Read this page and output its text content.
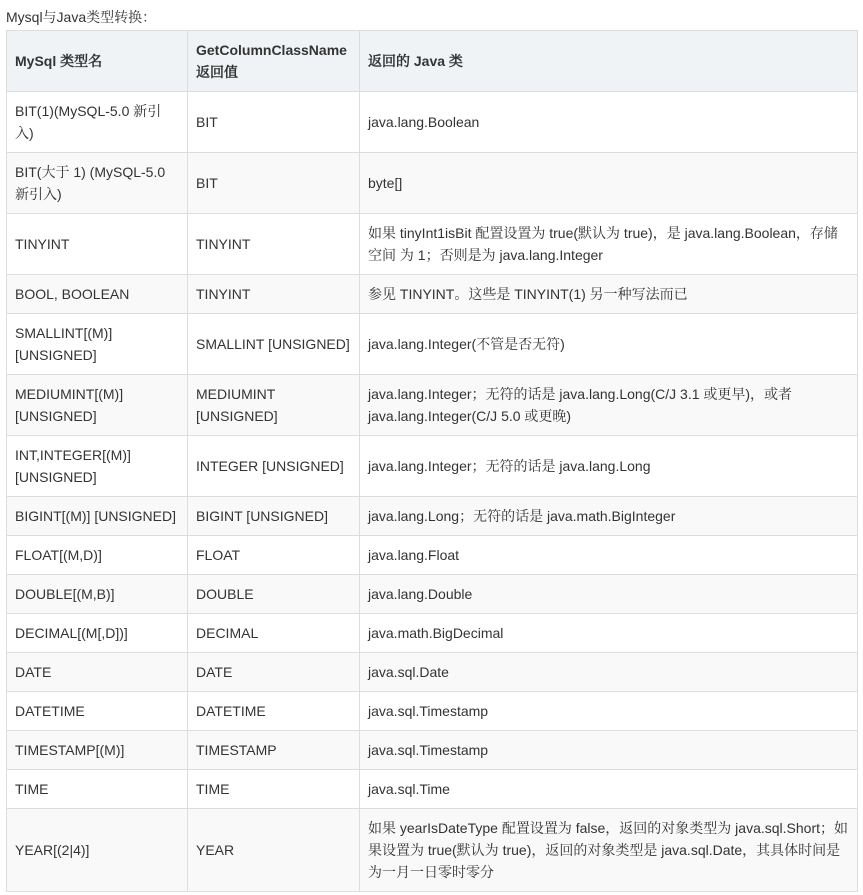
Mysql与Java类型转换：
MySql 类型名	GetColumnClassName 返回值	返回的 Java 类
BIT(1)(MySQL-5.0 新引入)	BIT	java.lang.Boolean
BIT(大于 1) (MySQL-5.0 新引入)	BIT	byte[]
TINYINT	TINYINT	如果 tinyInt1isBit 配置设置为 true(默认为 true)，是 java.lang.Boolean，存储空间 为 1；否则是为 java.lang.Integer
BOOL, BOOLEAN	TINYINT	参见 TINYINT。这些是 TINYINT(1) 另一种写法而已
SMALLINT[(M)] [UNSIGNED]	SMALLINT [UNSIGNED]	java.lang.Integer(不管是否无符)
MEDIUMINT[(M)] [UNSIGNED]	MEDIUMINT [UNSIGNED]	java.lang.Integer；无符的话是 java.lang.Long(C/J 3.1 或更早)，或者 java.lang.Integer(C/J 5.0 或更晚)
INT,INTEGER[(M)] [UNSIGNED]	INTEGER [UNSIGNED]	java.lang.Integer；无符的话是 java.lang.Long
BIGINT[(M)] [UNSIGNED]	BIGINT [UNSIGNED]	java.lang.Long；无符的话是 java.math.BigInteger
FLOAT[(M,D)]	FLOAT	java.lang.Float
DOUBLE[(M,B)]	DOUBLE	java.lang.Double
DECIMAL[(M[,D])]	DECIMAL	java.math.BigDecimal
DATE	DATE	java.sql.Date
DATETIME	DATETIME	java.sql.Timestamp
TIMESTAMP[(M)]	TIMESTAMP	java.sql.Timestamp
TIME	TIME	java.sql.Time
YEAR[(2|4)]	YEAR	如果 yearIsDateType 配置设置为 false，返回的对象类型为 java.sql.Short；如果设置为 true(默认为 true)，返回的对象类型是 java.sql.Date，其具体时间是为一月一日零时零分
